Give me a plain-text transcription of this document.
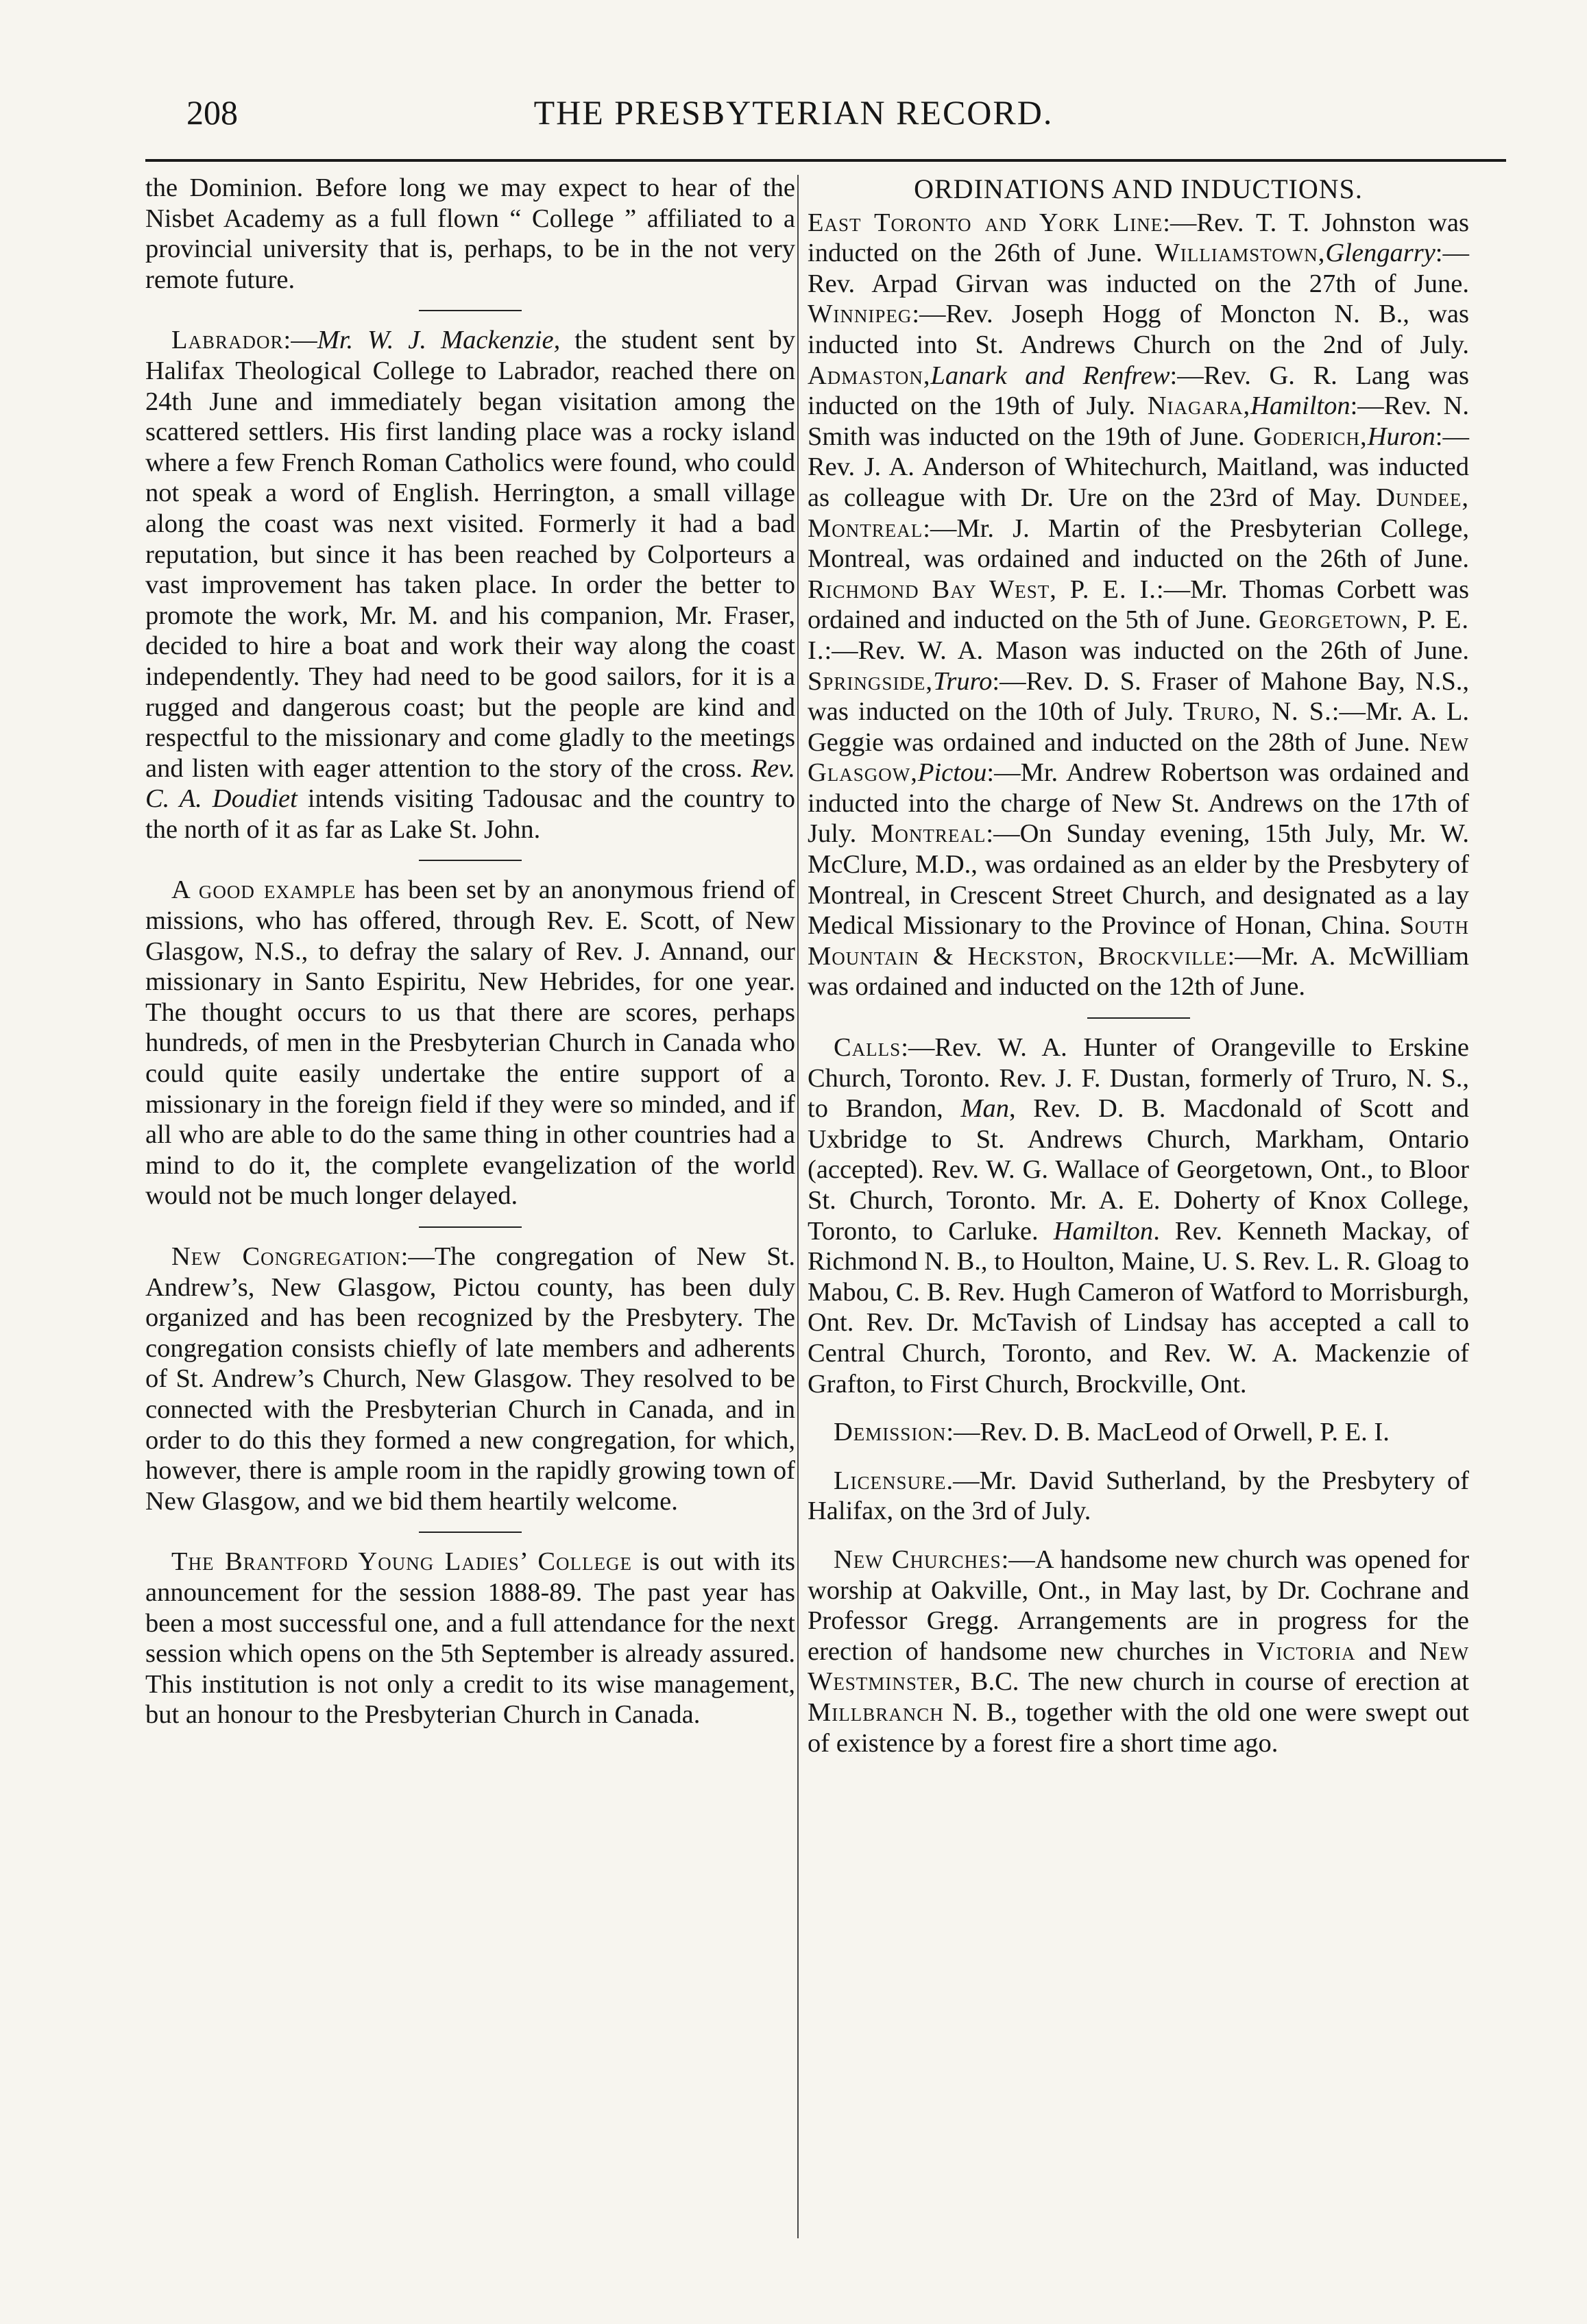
208	THE PRESBYTERIAN RECORD.

the Dominion. Before long we may expect to hear of the Nisbet Academy as a full flown “ College ” affiliated to a provincial university that is, perhaps, to be in the not very remote future.

Labrador:—Mr. W. J. Mackenzie, the student sent by Halifax Theological College to Labrador, reached there on 24th June and immediately began visitation among the scattered settlers. His first landing place was a rocky island where a few French Roman Catholics were found, who could not speak a word of English. Herrington, a small village along the coast was next visited. Formerly it had a bad reputation, but since it has been reached by Colporteurs a vast improvement has taken place. In order the better to promote the work, Mr. M. and his companion, Mr. Fraser, decided to hire a boat and work their way along the coast independently. They had need to be good sailors, for it is a rugged and dangerous coast; but the people are kind and respectful to the missionary and come gladly to the meetings and listen with eager attention to the story of the cross. Rev. C. A. Doudiet intends visiting Tadousac and the country to the north of it as far as Lake St. John.

A good example has been set by an anonymous friend of missions, who has offered, through Rev. E. Scott, of New Glasgow, N.S., to defray the salary of Rev. J. Annand, our missionary in Santo Espiritu, New Hebrides, for one year. The thought occurs to us that there are scores, perhaps hundreds, of men in the Presbyterian Church in Canada who could quite easily undertake the entire support of a missionary in the foreign field if they were so minded, and if all who are able to do the same thing in other countries had a mind to do it, the complete evangelization of the world would not be much longer delayed.

New Congregation:—The congregation of New St. Andrew’s, New Glasgow, Pictou county, has been duly organized and has been recognized by the Presbytery. The congregation consists chiefly of late members and adherents of St. Andrew’s Church, New Glasgow. They resolved to be connected with the Presbyterian Church in Canada, and in order to do this they formed a new congregation, for which, however, there is ample room in the rapidly growing town of New Glasgow, and we bid them heartily welcome.

The Brantford Young Ladies’ College is out with its announcement for the session 1888-89. The past year has been a most successful one, and a full attendance for the next session which opens on the 5th September is already assured. This institution is not only a credit to its wise management, but an honour to the Presbyterian Church in Canada.

ORDINATIONS AND INDUCTIONS.

East Toronto and York Line:—Rev. T. T. Johnston was inducted on the 26th of June. Williamstown,Glengarry:—Rev. Arpad Girvan was inducted on the 27th of June. Winnipeg:—Rev. Joseph Hogg of Moncton N. B., was inducted into St. Andrews Church on the 2nd of July. Admaston,Lanark and Renfrew:—Rev. G. R. Lang was inducted on the 19th of July. Niagara,Hamilton:—Rev. N. Smith was inducted on the 19th of June. Goderich,Huron:—Rev. J. A. Anderson of Whitechurch, Maitland, was inducted as colleague with Dr. Ure on the 23rd of May. Dundee, Montreal:—Mr. J. Martin of the Presbyterian College, Montreal, was ordained and inducted on the 26th of June. Richmond Bay West, P. E. I.:—Mr. Thomas Corbett was ordained and inducted on the 5th of June. Georgetown, P. E. I.:—Rev. W. A. Mason was inducted on the 26th of June. Springside,Truro:—Rev. D. S. Fraser of Mahone Bay, N.S., was inducted on the 10th of July. Truro, N. S.:—Mr. A. L. Geggie was ordained and inducted on the 28th of June. New Glasgow,Pictou:—Mr. Andrew Robertson was ordained and inducted into the charge of New St. Andrews on the 17th of July. Montreal:—On Sunday evening, 15th July, Mr. W. McClure, M.D., was ordained as an elder by the Presbytery of Montreal, in Crescent Street Church, and designated as a lay Medical Missionary to the Province of Honan, China. South Mountain & Heckston, Brockville:—Mr. A. McWilliam was ordained and inducted on the 12th of June.

Calls:—Rev. W. A. Hunter of Orangeville to Erskine Church, Toronto. Rev. J. F. Dustan, formerly of Truro, N. S., to Brandon, Man, Rev. D. B. Macdonald of Scott and Uxbridge to St. Andrews Church, Markham, Ontario (accepted). Rev. W. G. Wallace of Georgetown, Ont., to Bloor St. Church, Toronto. Mr. A. E. Doherty of Knox College, Toronto, to Carluke. Hamilton. Rev. Kenneth Mackay, of Richmond N. B., to Houlton, Maine, U. S. Rev. L. R. Gloag to Mabou, C. B. Rev. Hugh Cameron of Watford to Morrisburgh, Ont. Rev. Dr. McTavish of Lindsay has accepted a call to Central Church, Toronto, and Rev. W. A. Mackenzie of Grafton, to First Church, Brockville, Ont.

Demission:—Rev. D. B. MacLeod of Orwell, P. E. I.

Licensure.—Mr. David Sutherland, by the Presbytery of Halifax, on the 3rd of July.

New Churches:—A handsome new church was opened for worship at Oakville, Ont., in May last, by Dr. Cochrane and Professor Gregg. Arrangements are in progress for the erection of handsome new churches in Victoria and New Westminster, B.C. The new church in course of erection at Millbranch N. B., together with the old one were swept out of existence by a forest fire a short time ago.
